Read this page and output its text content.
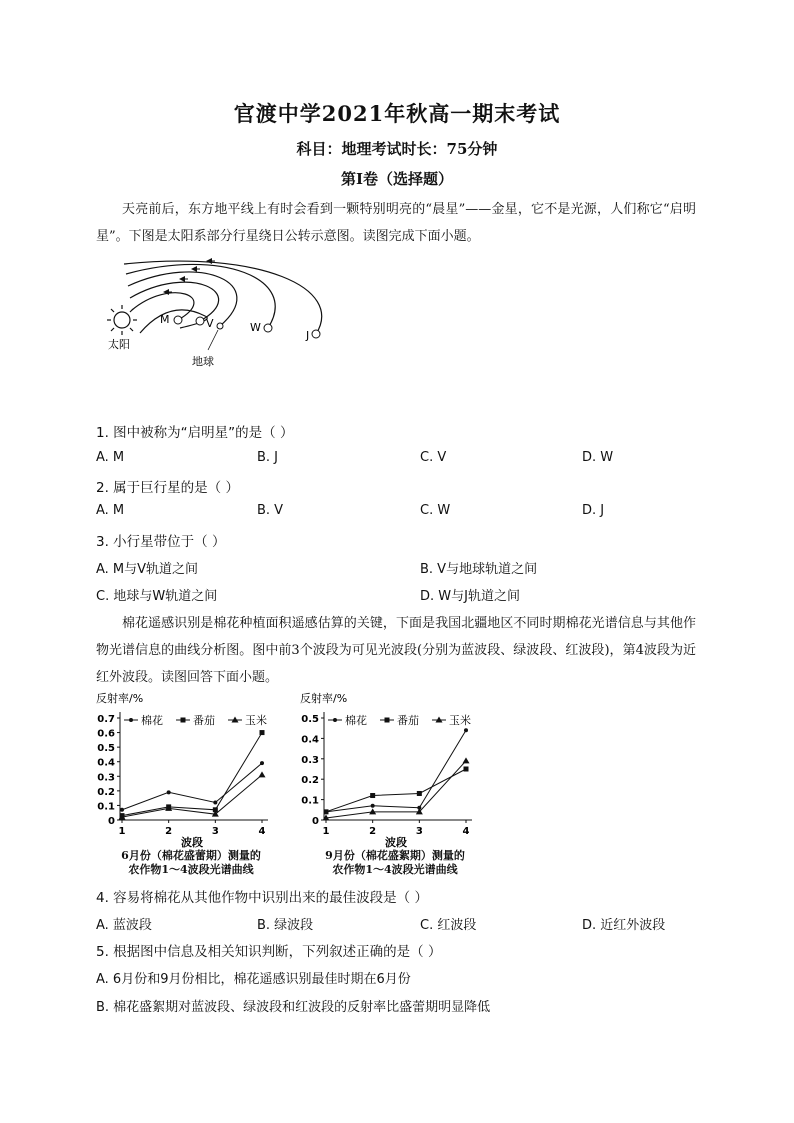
官渡中学2021年秋高一期末考试
科目：地理考试时长：75分钟
第Ⅰ卷（选择题）
天亮前后，东方地平线上有时会看到一颗特别明亮的“晨星”——金星，它不是光源，人们称它“启明星”。下图是太阳系部分行星绕日公转示意图。读图完成下面小题。
太阳
M	V
地球
W
J
1. 图中被称为“启明星”的是（ ）
A. M	B. J	C. V	D. W
2. 属于巨行星的是（ ）
A. M	B. V	C. W	D. J
3. 小行星带位于（ ）
A. M与V轨道之间	B. V与地球轨道之间
C. 地球与W轨道之间	D. W与J轨道之间
棉花遥感识别是棉花种植面积遥感估算的关键，下面是我国北疆地区不同时期棉花光谱信息与其他作物光谱信息的曲线分析图。图中前3个波段为可见光波段(分别为蓝波段、绿波段、红波段)，第4波段为近红外波段。读图回答下面小题。
反射率/%
0
0.1
0.2
0.3
0.4
0.5
0.6
0.7
1	2	3	4
波段
棉花	番茄	玉米
反射率/%
0
0.1
0.2
0.3
0.4
0.5
1	2	3	4
波段
棉花	番茄	玉米
6月份（棉花盛蕾期）测量的
农作物1～4波段光谱曲线
9月份（棉花盛絮期）测量的
农作物1～4波段光谱曲线
4. 容易将棉花从其他作物中识别出来的最佳波段是（ ）
A. 蓝波段	B. 绿波段	C. 红波段	D. 近红外波段
5. 根据图中信息及相关知识判断，下列叙述正确的是（ ）
A. 6月份和9月份相比，棉花遥感识别最佳时期在6月份
B. 棉花盛絮期对蓝波段、绿波段和红波段的反射率比盛蕾期明显降低
